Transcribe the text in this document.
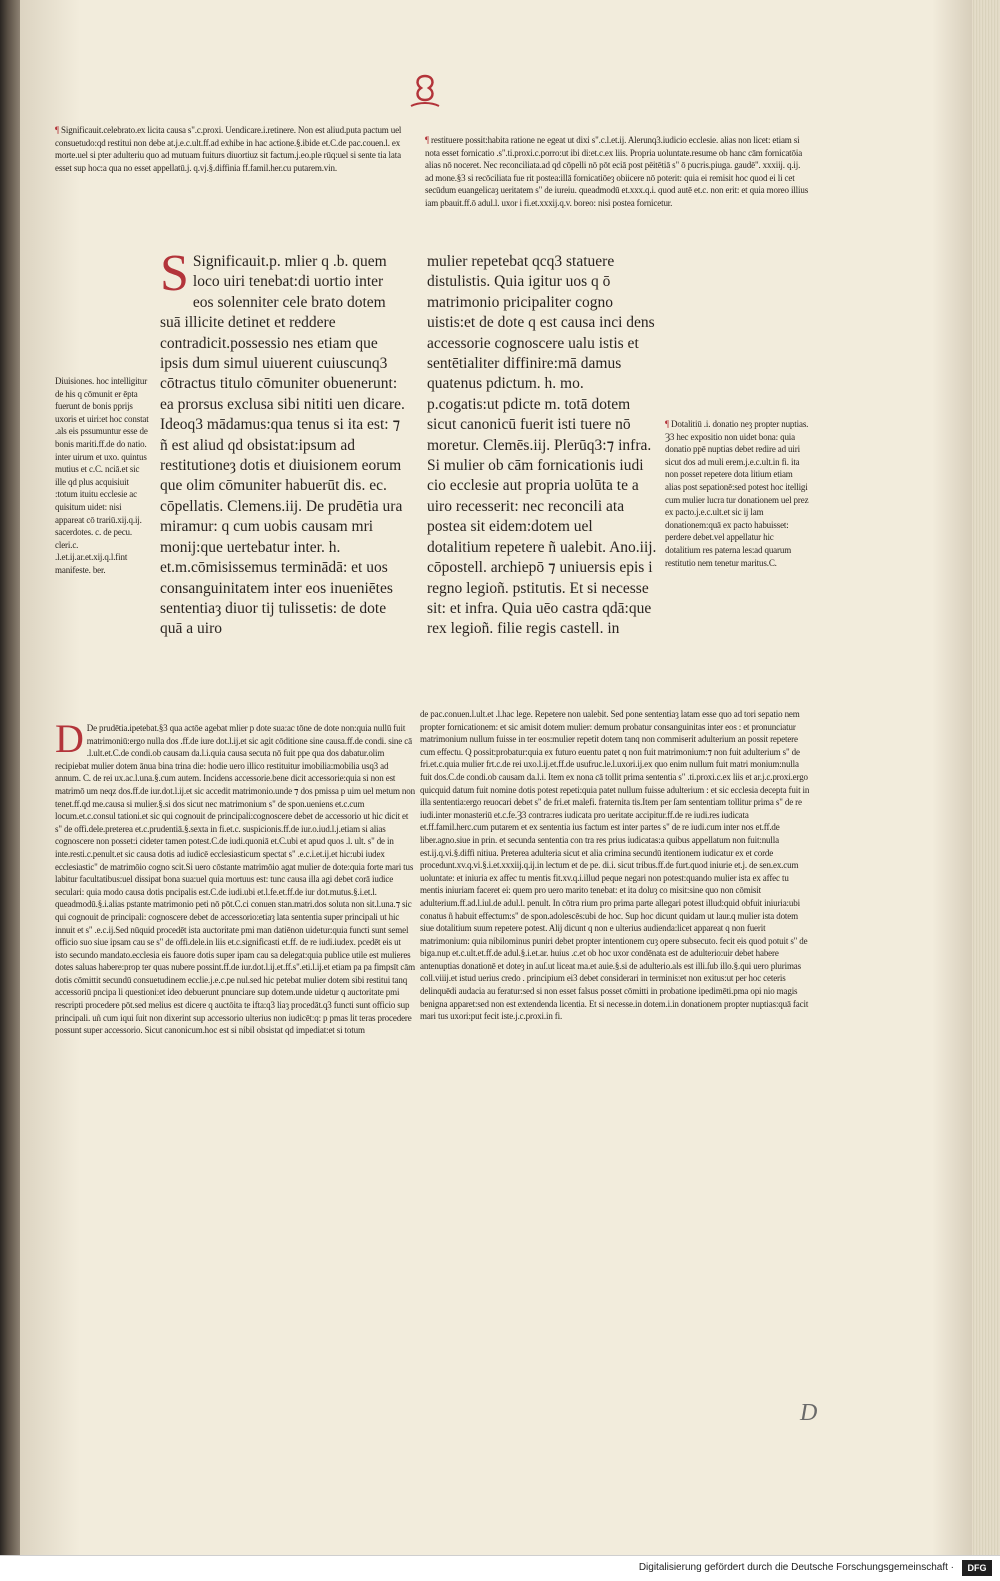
¶ Significauit.celebrato.ex licita causa s".c.proxi. Uendicare.i.retinere. Non est aliud.puta pactum uel consuetudo:qd restitui non debe at.j.e.c.ult.ff.ad exhibe in hac actione.§.ibide et.C.de pac.couen.l. ex morte.uel si pter adulteriu quo ad mutuam fuiturs diuortiuz sit factum.j.eo.ple rūq:uel si sente tia lata esset sup hoc:a qua no esset appellatū.j. q.vj.§.diffinia ff.famil.her.cu putarem.vin.

¶ restituere possit:habita ratione ne egeat ut dixi s".c.l.et.ij. Alerunq3.iudicio ecclesie. alias non licet: etiam si nota esset fornicatio .s".ti.proxi.c.porro:ut ibi di:et.c.ex liis. Propria uoluntate.resume ob hanc cām fornicatōia alias nō noceret. Nec reconciliata.ad qd cōpelli nō pōt eciā post pēitētiā s" ō pucris.piuga. gaudē". xxxiij. q.ij. ad mone.§3 si recōciliata fue rit postea:illā fornicatiōeȝ obiicere nō poterit: quia ei remisit hoc quod ei li cet secūdum euangelicaȝ ueritatem s" de iureiu. queadmodū et.xxx.q.i. quod autē et.c. non erit: et quia moreo illius iam pbauit.ff.ō adul.l. uxor i fi.et.xxxij.q.v. boreo: nisi postea fornicetur.

Diuisiones. hoc intelligitur de his q cōmunit er ēpta fuerunt de bonis pprijs uxoris et uiri:et hoc constat .als eis pssumuntur esse de bonis mariti.ff.de do natio. inter uirum et uxo. quintus mutius et c.C. nciā.et sic ille qd plus acquisiuit :totum ituitu ecclesie ac quisitum uidet: nisi appareat cō trariū.xij.q.ij. sacerdotes. c. de pecu. cleri.c. .l.et.ij.ar.et.xij.q.l.fint manifeste. ber.

S Significauit.p. mlier q .b. quem loco uiri tenebat:di uortio inter eos solenniter cele brato dotem suā illicite detinet et reddere contradicit.possessio nes etiam que ipsis dum simul uiuerent cuiuscunq3 cōtractus titulo cōmuniter obuenerunt: ea prorsus exclusa sibi nititi uen dicare. Ideoq3 mādamus:qua tenus si ita est: ⁊ ñ est aliud qd obsistat:ipsum ad restitutioneȝ dotis et diuisionem eorum que olim cōmuniter habuerūt dis. ec. cōpellatis. Clemens.iij. De prudētia ura miramur: q cum uobis causam mri monij:que uertebatur inter. h. et.m.cōmisissemus terminādā: et uos consanguinitatem inter eos inueniētes sententiaȝ diuor tij tulissetis: de dote quā a uiro

mulier repetebat qcq3 statuere distulistis. Quia igitur uos q ō matrimonio pricipaliter cogno uistis:et de dote q est causa inci dens accessorie cognoscere ualu istis et sentētialiter diffinire:mā damus quatenus pdictum. h. mo. p.cogatis:ut pdicte m. totā dotem sicut canonicū fuerit isti tuere nō moretur. Clemēs.iij. Plerūq3:⁊ infra. Si mulier ob cām fornicationis iudi cio ecclesie aut propria uolūta te a uiro recesserit: nec reconcili ata postea sit eidem:dotem uel dotalitium repetere ñ ualebit. Ano.iij. cōpostell. archiepō ⁊ uniuersis epis i regno legioñ. pstitutis. Et si necesse sit: et infra. Quia uēo castra qdā:que rex legioñ. filie regis castell. in

¶ Dotalitiū .i. donatio neȝ propter nuptias. Ȝ3 hec expositio non uidet bona: quia donatio ppē nuptias debet redire ad uiri sicut dos ad muli erem.j.e.c.ult.in fi. ita non posset repetere dota litium etiam alias post sepationē:sed potest hoc itelligi cum mulier lucra tur donationem uel prez ex pacto.j.e.c.ult.et sic ij lam donationem:quā ex pacto habuisset: perdere debet.vel appellatur hic dotalitium res paterna les:ad quarum restitutio nem tenetur maritus.C.

D De prudētia.ipetebat.§3 qua actōe agebat mlier p dote sua:ac tōne de dote non:quia nullū fuit matrimoniū:ergo nulla dos .ff.de iure dot.l.ij.et sic agit cōditione sine causa.ff.de condi. sine cā .l.ult.et.C.de condi.ob causam da.l.i.quia causa secuta nō fuit ppe qua dos dabatur.olim recipiebat mulier dotem ānua bina trina die: hodie uero illico restituitur imobilia:mobilia usq3 ad annum. C. de rei ux.ac.l.una.§.cum autem. Incidens accessorie.bene dicit accessorie:quia si non est matrimō um neqz dos.ff.de iur.dot.l.ij.et sic accedit matrimonio.unde ⁊ dos pmissa p uim uel metum non tenet.ff.qd me.causa si mulier.§.si dos sicut nec matrimonium s" de spon.ueniens et.c.cum locum.et.c.consul tationi.et sic qui cognouit de principali:cognoscere debet de accessorio ut hic dicit et s" de offi.dele.preterea et.c.prudentiā.§.sexta in fi.et.c. suspicionis.ff.de iur.o.iud.l.j.etiam si alias cognoscere non posset:i cideter tamen potest.C.de iudi.quoniā et.C.ubi et apud quos .l. ult. s" de in inte.resti.c.penult.et sic causa dotis ad iudicē ecclesiasticum spectat s" .e.c.i.et.ij.et hic:ubi iudex ecclesiastic" de matrimōio cogno scit.Si uero cōstante matrimōio agat mulier de dote:quia forte mari tus labitur facultatibus:uel dissipat bona sua:uel quia mortuus est: tunc causa illa agi debet corā iudice seculari: quia modo causa dotis pncipalis est.C.de iudi.ubi et.l.fe.et.ff.de iur dot.mutus.§.i.et.l. queadmodū.§.i.alias pstante matrimonio peti nō pōt.C.ci conuen stan.matri.dos soluta non sit.l.una.⁊ sic qui cognouit de principali: cognoscere debet de accessorio:etiaȝ lata sententia super principali ut hic innuit et s" .e.c.ij.Sed nūquid procedēt ista auctoritate pmi man datiēnon uidetur:quia functi sunt semel officio suo siue ipsam cau se s" de offi.dele.in liis et.c.significasti et.ff. de re iudi.iudex. pcedēt eis ut isto secundo mandato.ecclesia eis fauore dotis super ipam cau sa delegat:quia publice utile est mulieres dotes saluas habere:prop ter quas nubere possint.ff.de iur.dot.l.ij.et.ff.s".eti.l.ij.et etiam pa pa fimpsīt cām dotis cōmittit secundū consuetudinem ecclie.j.e.c.pe nul.sed hic petebat mulier dotem sibi restitui tanq accessoriū pncipa li questioni:et ideo debuerunt pnunciare sup dotem.unde uidetur q auctoritate pmi rescripti procedere pōt.sed melius est dicere q auctōita te ifta:q3 liaȝ procedāt.q3 functi sunt officio sup principali. uñ cum iqui ſuit non dixerint sup accessorio ulterius non iudicēt:q: p pmas lit teras procedere possunt super accessorio. Sicut canonicum.hoc est si nibil obsistat qd impediat:et si totum

de pac.conuen.l.ult.et .l.hac lege. Repetere non ualebit. Sed pone sententiaȝ latam esse quo ad tori sepatio nem propter fornicationem: et sic amisit dotem mulier: demum probatur consanguinitas inter eos : et pronunciatur matrimonium nullum fuisse in ter eos:mulier repetit dotem tanq non commiserit adulterium an possit repetere cum effectu. Q possit:probatur:quia ex futuro euentu patet q non fuit matrimonium:⁊ non fuit adulterium s" de fri.et.c.quia mulier frt.c.de rei uxo.l.ij.et.ff.de usufruc.le.l.uxori.ij.ex quo enim nullum fuit matri monium:nulla fuit dos.C.de condi.ob causam da.l.i. Item ex nona cā tollit prima sententia s" .ti.proxi.c.ex liis et ar.j.c.proxi.ergo quicquid datum fuit nomine dotis potest repeti:quia patet nullum fuisse adulterium : et sic ecclesia decepta fuit in illa sententia:ergo reuocari debet s" de fri.et malefi. fraternita tis.Item per ſam sententiam tollitur prima s" de re iudi.inter monasteriū et.c.fe.Ȝ3 contra:res iudicata pro ueritate accipitur.ff.de re iudi.res iudicata et.ff.famil.herc.cum putarem et ex sententia ius factum est inter partes s" de re iudi.cum inter nos et.ff.de liber.agno.siue in prin. et secunda sententia con tra res prius iudicatas:a quibus appellatum non fuit:nulla est.ij.q.vi.§.diffi nitiua. Preterea adulteria sicut et alia crimina secundū itentionem iudicatur ex et corde procedunt.xv.q.vi.§.i.et.xxxiij.q.ij.in lectum et de pe. di.i. sicut tribus.ff.de furt.quod iniurie et.j. de sen.ex.cum uoluntate: et iniuria ex affec tu mentis fit.xv.q.i.illud peque negari non potest:quando mulier ista ex affec tu mentis iniuriam faceret ei: quem pro uero marito tenebat: et ita doluȝ co misit:sine quo non cōmisit adulterium.ff.ad.l.iul.de adul.l. penult. In cōtra rium pro prima parte allegari potest illud:quid obfuit iniuria:ubi conatus ñ habuit effectum:s" de spon.adolescēs:ubi de hoc. Sup hoc dicunt quidam ut laur.q mulier ista dotem siue dotalitium suum repetere potest. Alij dicunt q non e ulterius audienda:licet appareat q non fuerit matrimonium: quia nibilominus puniri debet propter intentionem cuȝ opere subsecuto. fecit eis quod potuit s" de biga.nup et.c.ult.et.ff.de adul.§.i.et.ar. huius .c.et ob hoc uxor condēnata est de adulterio:uir debet habere antenuptias donationē et doteȝ in auſ.ut liceat ma.et auie.§.si de adulterio.als est illi.ſub illo.§.qui uero plurimas coll.viiij.et istud uerius credo . principium ei3 debet considerari in terminis:et non exitus:ut per hoc ceteris delinquēdi audacia au feratur:sed si non esset falsus posset cōmitti in probatione ipedimēti.pma opi nio magis benigna apparet:sed non est extendenda licentia. Et si necesse.in dotem.i.in donationem propter nuptias:quā facit mari tus uxori:put fecit iste.j.c.proxi.in fi.

D
Digitalisierung gefördert durch die Deutsche Forschungsgemeinschaft ·	DFG
